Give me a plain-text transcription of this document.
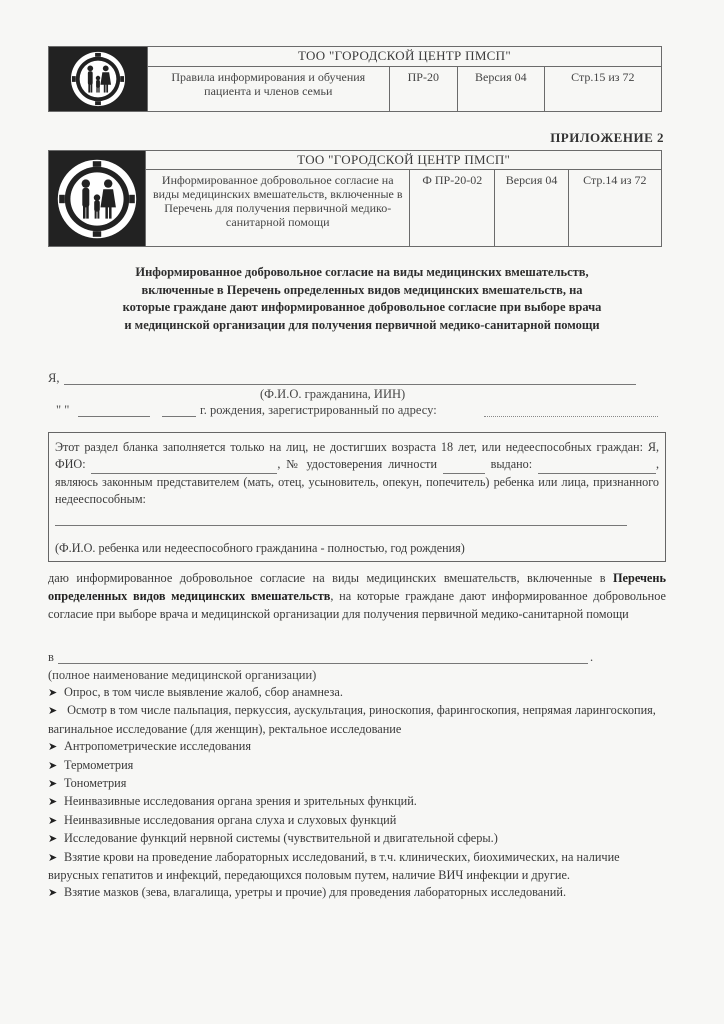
	ТОО "ГОРОДСКОЙ ЦЕНТР ПМСП"			
	Правила информирования и обучения пациента и членов семьи	ПР-20	Версия 04	Стр.15 из 72
ПРИЛОЖЕНИЕ 2
	ТОО "ГОРОДСКОЙ ЦЕНТР ПМСП"			
	Информированное добровольное согласие на виды медицинских вмешательств, включенные в Перечень для получения первичной медико-санитарной помощи	Ф ПР-20-02	Версия 04	Стр.14 из 72
Информированное добровольное согласие на виды медицинских вмешательств, включенные в Перечень определенных видов медицинских вмешательств, на которые граждане дают информированное добровольное согласие при выборе врача и медицинской организации для получения первичной медико-санитарной помощи
Я,
(Ф.И.О. гражданина, ИИН)
" "	г. рождения, зарегистрированный по адресу:
Этот раздел бланка заполняется только на лиц, не достигших возраста 18 лет, или недееспособных граждан: Я, ФИО:	, № удостоверения личности	выдано:	, являюсь законным представителем (мать, отец, усыновитель, опекун, попечитель) ребенка или лица, признанного недееспособным:
(Ф.И.О. ребенка или недееспособного гражданина - полностью, год рождения)
даю информированное добровольное согласие на виды медицинских вмешательств, включенные в Перечень определенных видов медицинских вмешательств, на которые граждане дают информированное добровольное согласие при выборе врача и медицинской организации для получения первичной медико-санитарной помощи
в	.
(полное наименование медицинской организации)
➤ Опрос, в том числе выявление жалоб, сбор анамнеза.
➤ Осмотр в том числе пальпация, перкуссия, аускультация, риноскопия, фарингоскопия, непрямая ларингоскопия, вагинальное исследование (для женщин), ректальное исследование
➤ Антропометрические исследования
➤ Термометрия
➤ Тонометрия
➤ Неинвазивные исследования органа зрения и зрительных функций.
➤ Неинвазивные исследования органа слуха и слуховых функций
➤ Исследование функций нервной системы (чувствительной и двигательной сферы.)
➤ Взятие крови на проведение лабораторных исследований, в т.ч. клинических, биохимических, на наличие вирусных гепатитов и инфекций, передающихся половым путем, наличие ВИЧ инфекции и другие.
➤ Взятие мазков (зева, влагалища, уретры и прочие) для проведения лабораторных исследований.
